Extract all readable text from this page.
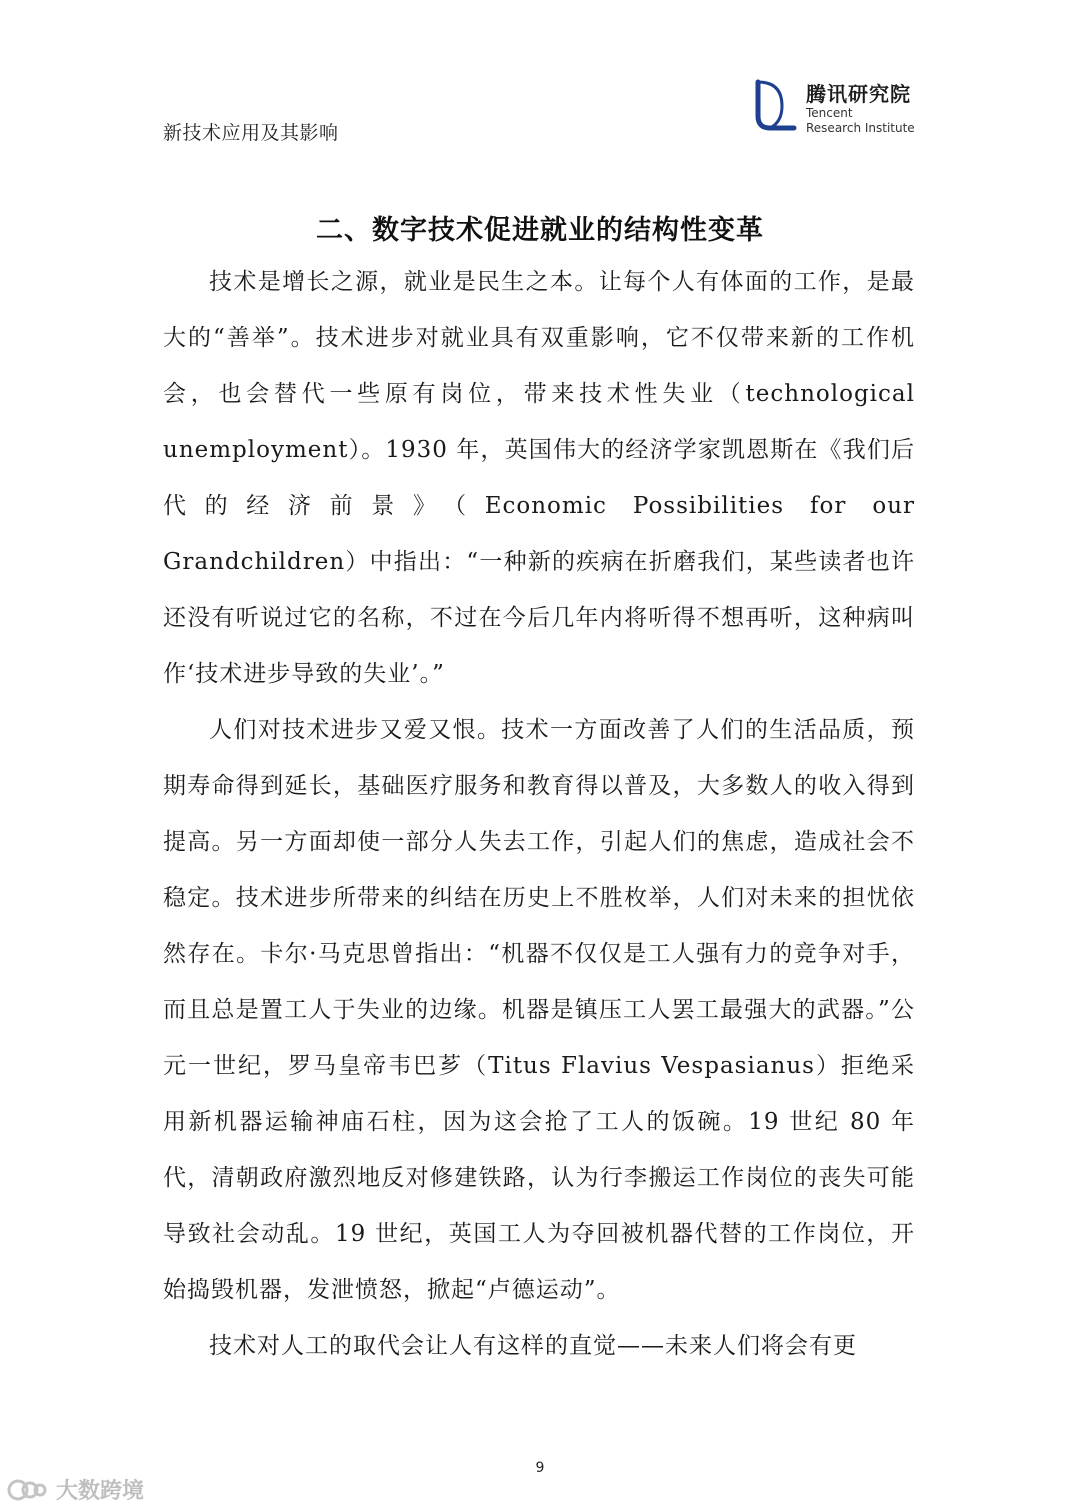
新技术应用及其影响
腾讯研究院
Tencent
Research Institute
二、数字技术促进就业的结构性变革

技术是增长之源，就业是民生之本。让每个人有体面的工作，是最大的“善举”。技术进步对就业具有双重影响，它不仅带来新的工作机会，也会替代一些原有岗位，带来技术性失业（technological unemployment）。1930 年，英国伟大的经济学家凯恩斯在《我们后代的经济前景》（Economic Possibilities for our Grandchildren）中指出：“一种新的疾病在折磨我们，某些读者也许还没有听说过它的名称，不过在今后几年内将听得不想再听，这种病叫作‘技术进步导致的失业’。”

人们对技术进步又爱又恨。技术一方面改善了人们的生活品质，预期寿命得到延长，基础医疗服务和教育得以普及，大多数人的收入得到提高。另一方面却使一部分人失去工作，引起人们的焦虑，造成社会不稳定。技术进步所带来的纠结在历史上不胜枚举，人们对未来的担忧依然存在。卡尔·马克思曾指出：“机器不仅仅是工人强有力的竞争对手，而且总是置工人于失业的边缘。机器是镇压工人罢工最强大的武器。”公元一世纪，罗马皇帝韦巴芗（Titus Flavius Vespasianus）拒绝采用新机器运输神庙石柱，因为这会抢了工人的饭碗。19 世纪 80 年代，清朝政府激烈地反对修建铁路，认为行李搬运工作岗位的丧失可能导致社会动乱。19 世纪，英国工人为夺回被机器代替的工作岗位，开始捣毁机器，发泄愤怒，掀起“卢德运动”。

技术对人工的取代会让人有这样的直觉——未来人们将会有更

9
大数跨境
